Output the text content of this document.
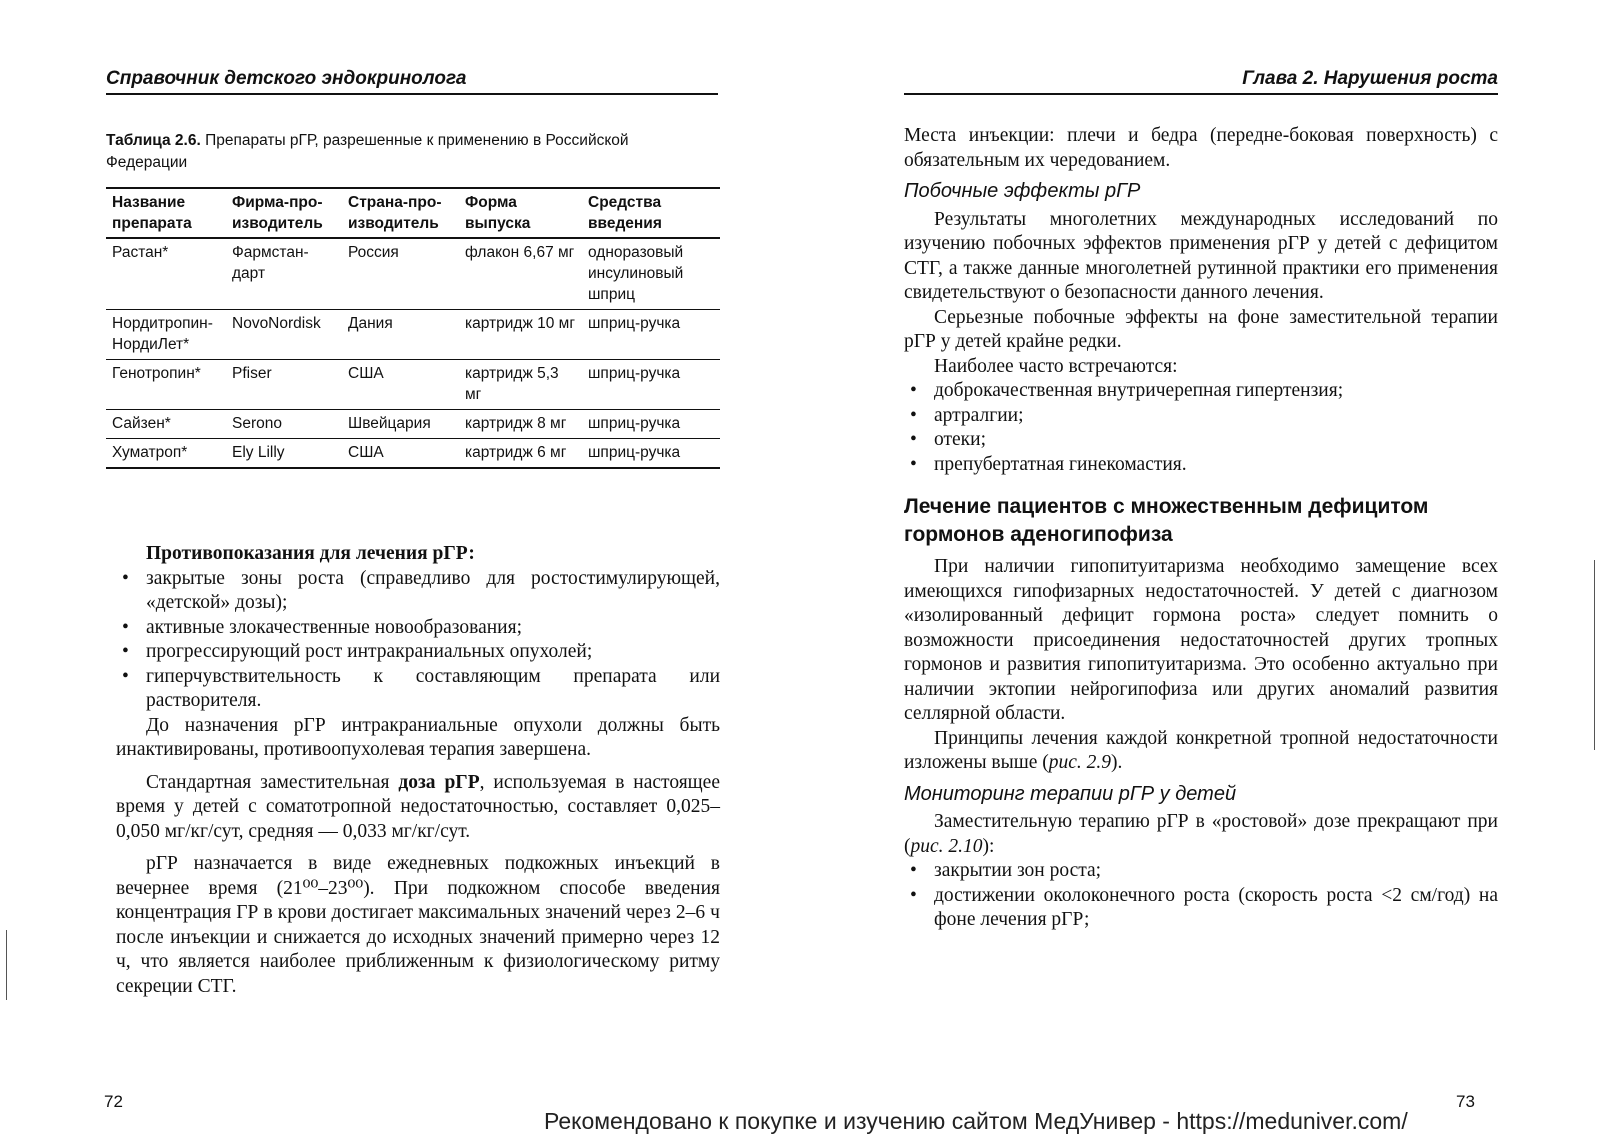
Справочник детского эндокринолога
Таблица 2.6. Препараты рГР, разрешенные к применению в Российской Федерации
Название препарата	Фирма-про-изводитель	Страна-про-изводитель	Форма выпуска	Средства введения
Растан*	Фармстан-дарт	Россия	флакон 6,67 мг	одноразовый инсулиновый шприц
Нордитропин-НордиЛет*	NovoNordisk	Дания	картридж 10 мг	шприц-ручка
Генотропин*	Pfiser	США	картридж 5,3 мг	шприц-ручка
Сайзен*	Serono	Швейцария	картридж 8 мг	шприц-ручка
Хуматроп*	Ely Lilly	США	картридж 6 мг	шприц-ручка

Противопоказания для лечения рГР:

• закрытые зоны роста (справедливо для ростостимулирующей, «детской» дозы);
• активные злокачественные новообразования;
• прогрессирующий рост интракраниальных опухолей;
• гиперчувствительность к составляющим препарата или растворителя.

До назначения рГР интракраниальные опухоли должны быть инактивированы, противоопухолевая терапия завершена.

Стандартная заместительная доза рГР, используемая в настоящее время у детей с соматотропной недостаточностью, составляет 0,025–0,050 мг/кг/сут, средняя — 0,033 мг/кг/сут.

рГР назначается в виде ежедневных подкожных инъекций в вечернее время (21⁰⁰–23⁰⁰). При подкожном способе введения концентрация ГР в крови достигает максимальных значений через 2–6 ч после инъекции и снижается до исходных значений примерно через 12 ч, что является наиболее приближенным к физиологическому ритму секреции СТГ.

72
Глава 2. Нарушения роста

Места инъекции: плечи и бедра (передне-боковая поверхность) с обязательным их чередованием.

Побочные эффекты рГР

Результаты многолетних международных исследований по изучению побочных эффектов применения рГР у детей с дефицитом СТГ, а также данные многолетней рутинной практики его применения свидетельствуют о безопасности данного лечения.

Серьезные побочные эффекты на фоне заместительной терапии рГР у детей крайне редки.

Наиболее часто встречаются:

• доброкачественная внутричерепная гипертензия;
• артралгии;
• отеки;
• препубертатная гинекомастия.
Лечение пациентов с множественным дефицитом гормонов аденогипофиза

При наличии гипопитуитаризма необходимо замещение всех имеющихся гипофизарных недостаточностей. У детей с диагнозом «изолированный дефицит гормона роста» следует помнить о возможности присоединения недостаточностей других тропных гормонов и развития гипопитуитаризма. Это особенно актуально при наличии эктопии нейрогипофиза или других аномалий развития селлярной области.

Принципы лечения каждой конкретной тропной недостаточности изложены выше (рис. 2.9).

Мониторинг терапии рГР у детей

Заместительную терапию рГР в «ростовой» дозе прекращают при (рис. 2.10):

• закрытии зон роста;
• достижении околоконечного роста (скорость роста <2 см/год) на фоне лечения рГР;
73
Рекомендовано к покупке и изучению сайтом МедУнивер - https://meduniver.com/
